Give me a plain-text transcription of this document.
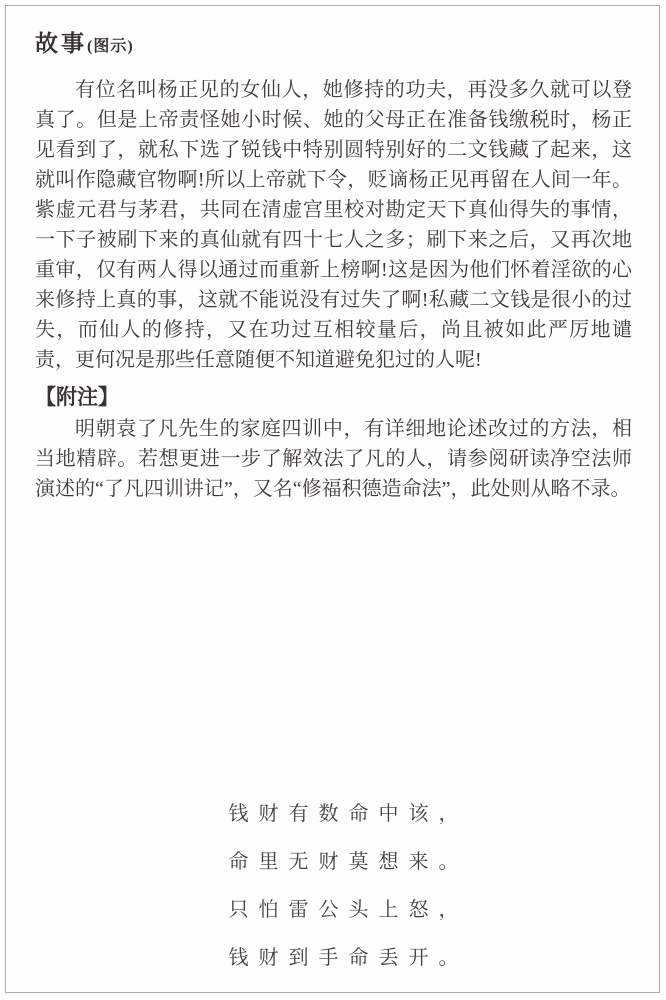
故事(图示)

有位名叫杨正见的女仙人，她修持的功夫，再没多久就可以登真了。但是上帝责怪她小时候、她的父母正在准备钱缴税时，杨正见看到了，就私下选了锐钱中特别圆特别好的二文钱藏了起来，这就叫作隐藏官物啊!所以上帝就下令，贬谪杨正见再留在人间一年。紫虚元君与茅君，共同在清虚宫里校对勘定天下真仙得失的事情，一下子被刷下来的真仙就有四十七人之多；刷下来之后，又再次地重审，仅有两人得以通过而重新上榜啊!这是因为他们怀着淫欲的心来修持上真的事，这就不能说没有过失了啊!私藏二文钱是很小的过失，而仙人的修持，又在功过互相较量后，尚且被如此严厉地谴责，更何况是那些任意随便不知道避免犯过的人呢!

【附注】

明朝袁了凡先生的家庭四训中，有详细地论述改过的方法，相当地精辟。若想更进一步了解效法了凡的人，请参阅研读净空法师演述的“了凡四训讲记”，又名“修福积德造命法”，此处则从略不录。

钱财有数命中该，
命里无财莫想来。
只怕雷公头上怒，
钱财到手命丢开。
